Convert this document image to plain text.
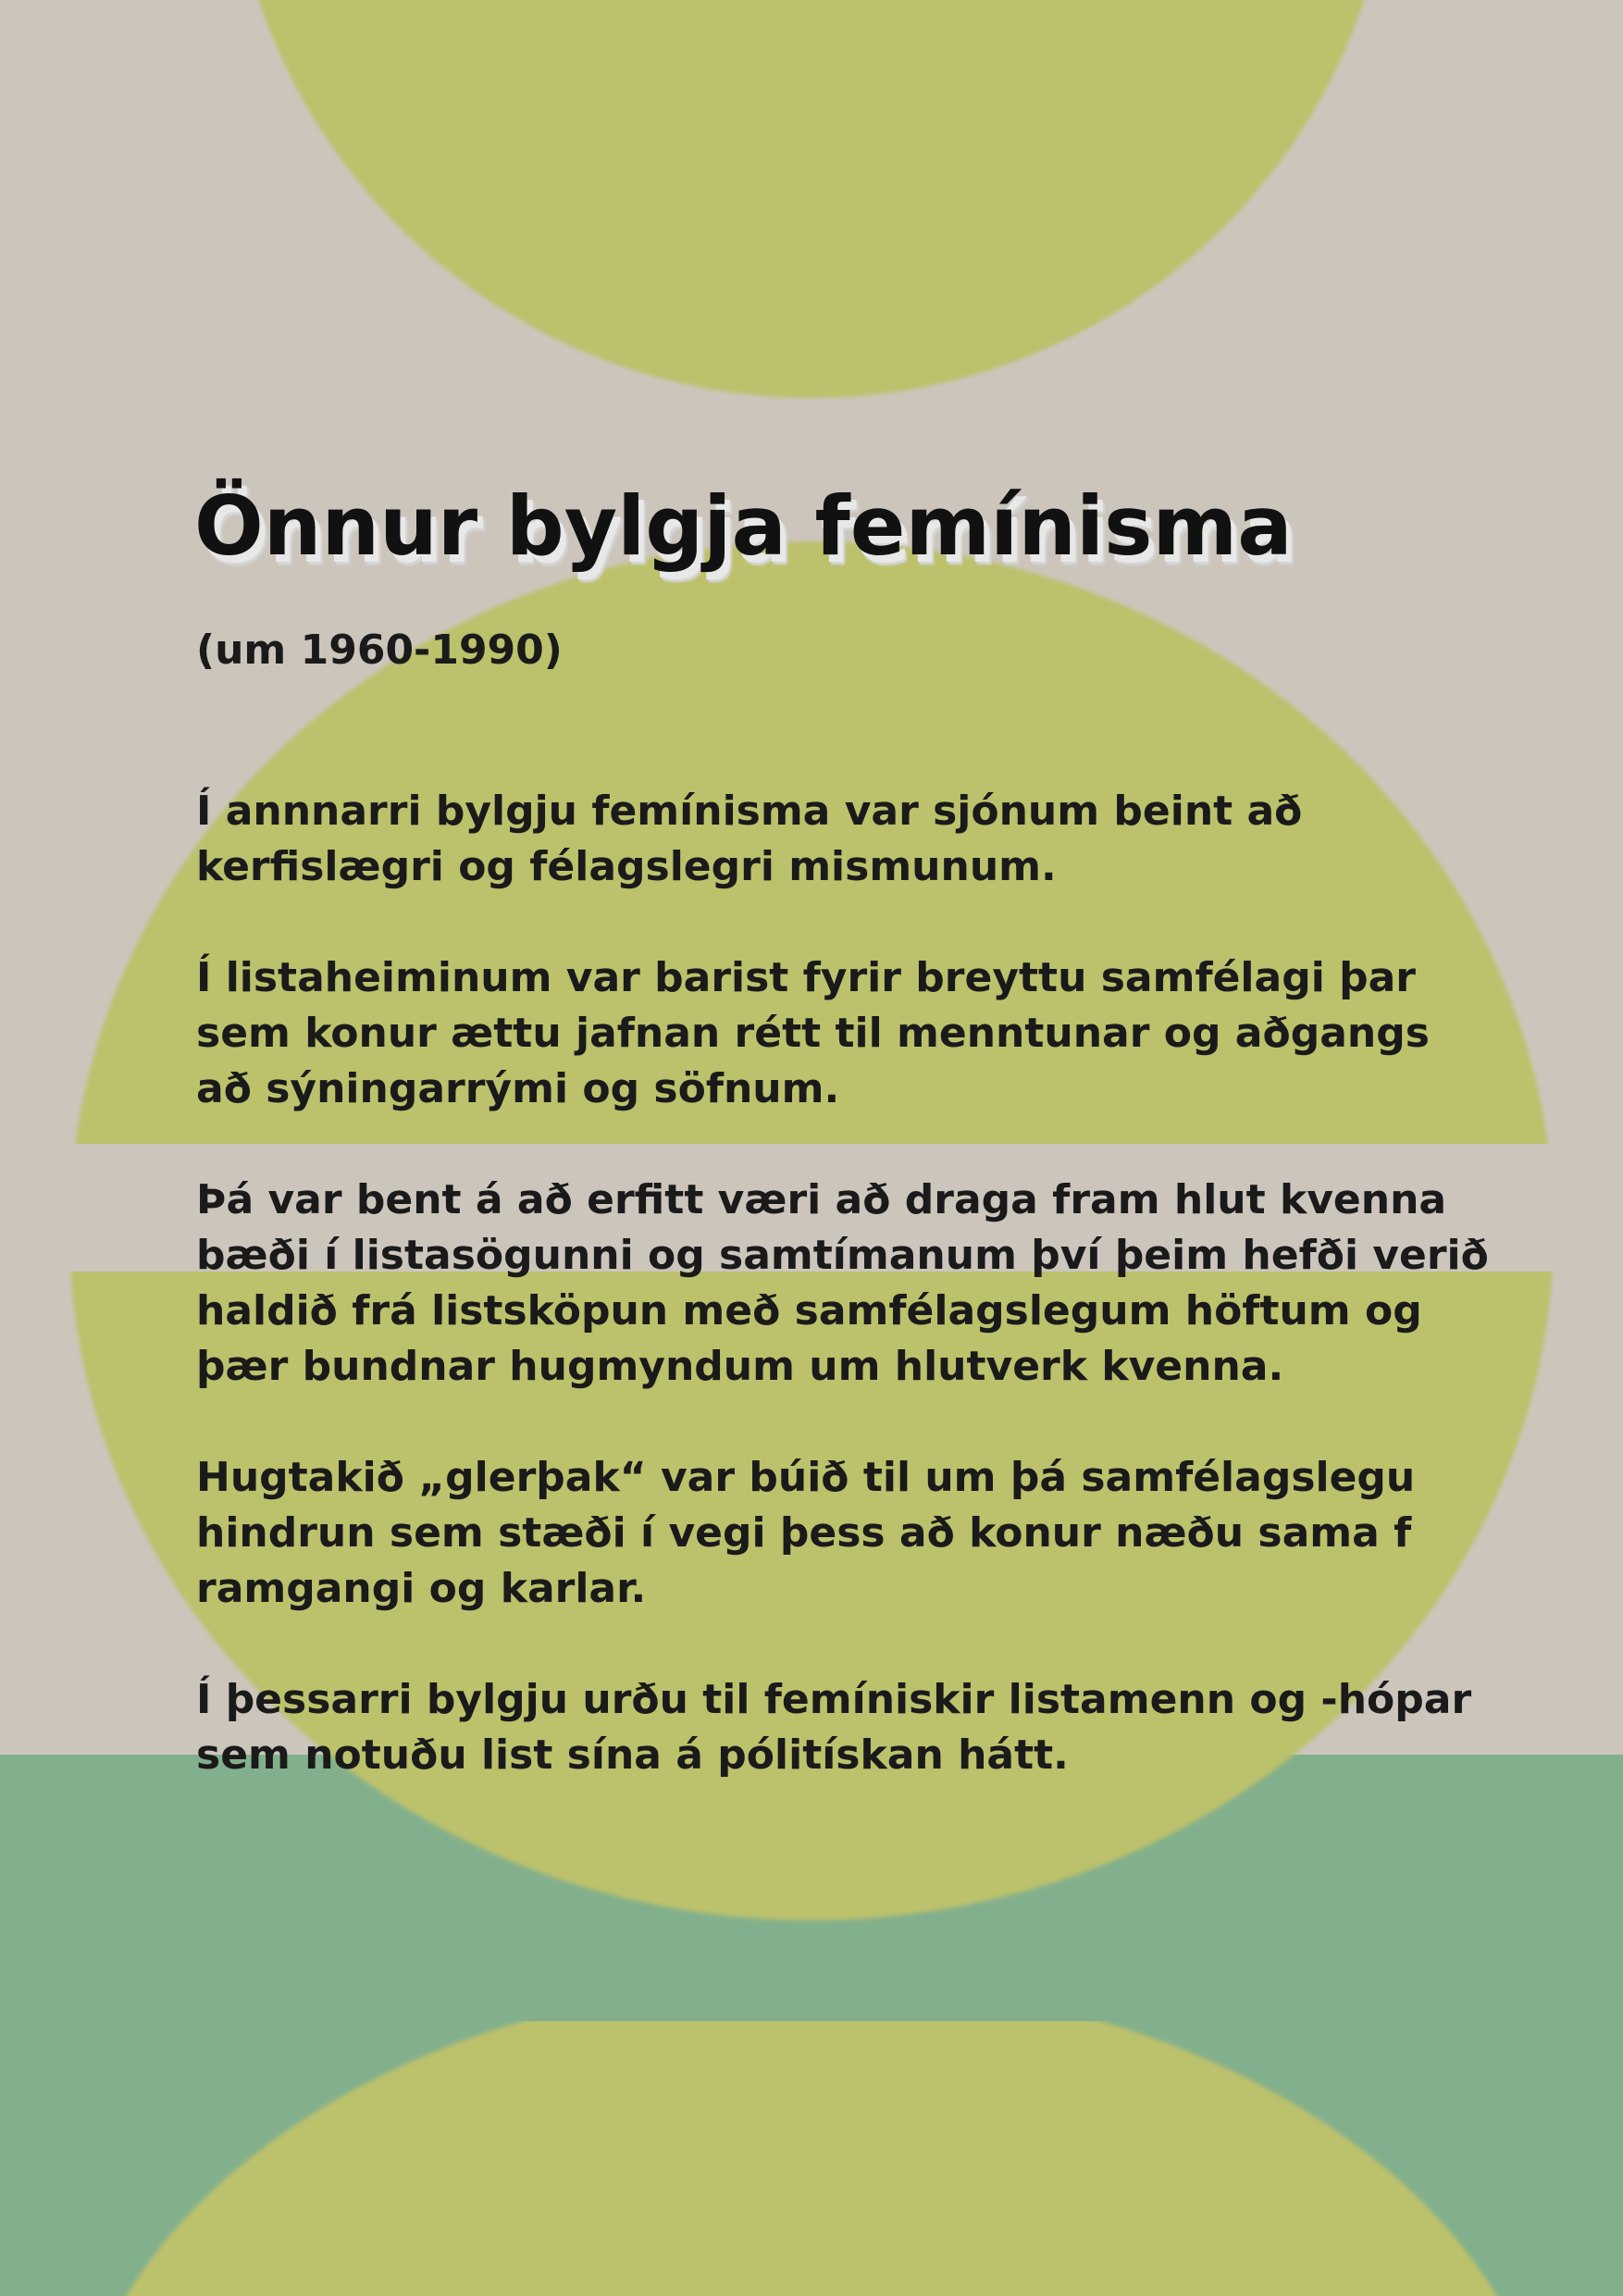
Önnur bylgja femínisma
(um 1960-1990)

Í annnarri bylgju femínisma var sjónum beint að
kerfislægri og félagslegri mismunum.

Í listaheiminum var barist fyrir breyttu samfélagi þar
sem konur ættu jafnan rétt til menntunar og aðgangs
að sýningarrými og söfnum.

Þá var bent á að erfitt væri að draga fram hlut kvenna
bæði í listasögunni og samtímanum því þeim hefði verið
haldið frá listsköpun með samfélagslegum höftum og
þær bundnar hugmyndum um hlutverk kvenna.

Hugtakið „glerþak“ var búið til um þá samfélagslegu
hindrun sem stæði í vegi þess að konur næðu sama f
ramgangi og karlar.

Í þessarri bylgju urðu til femíniskir listamenn og -hópar
sem notuðu list sína á pólitískan hátt.
